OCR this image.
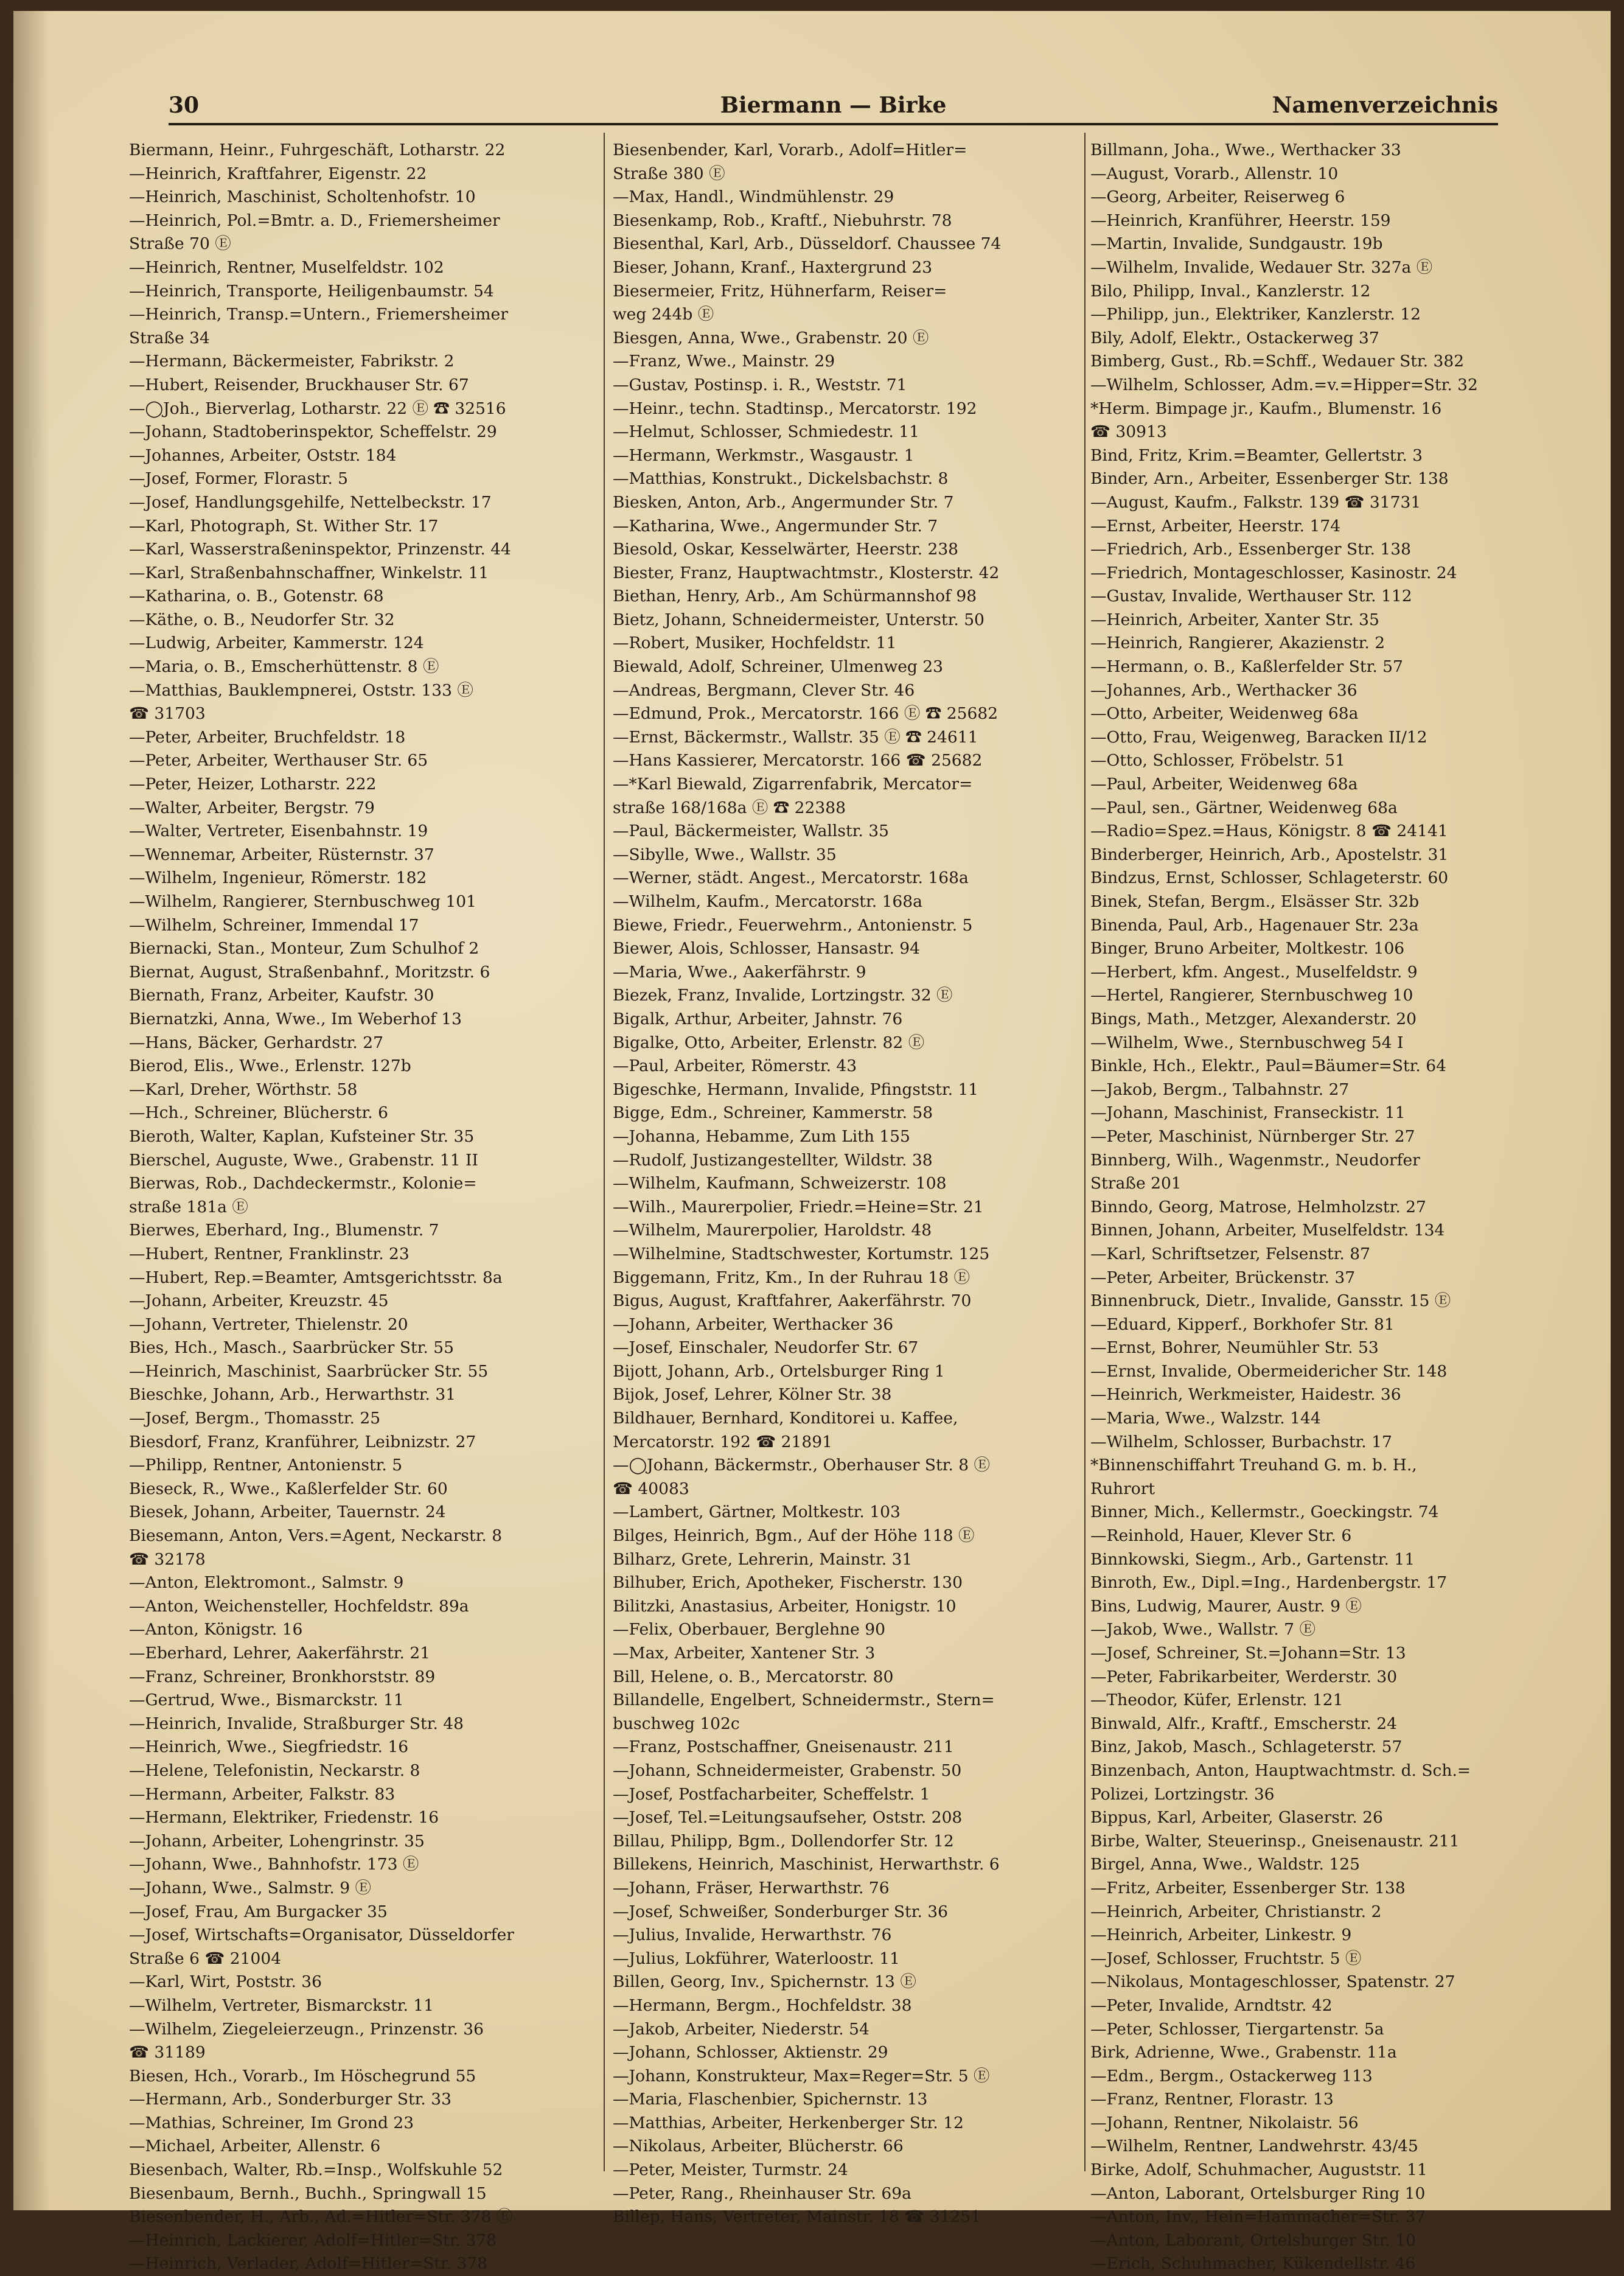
30	Biermann — Birke	Namenverzeichnis
Biermann, Heinr., Fuhrgeschäft, Lotharstr. 22
—Heinrich, Kraftfahrer, Eigenstr. 22
—Heinrich, Maschinist, Scholtenhofstr. 10
—Heinrich, Pol.=Bmtr. a. D., Friemersheimer
Straße 70 Ⓔ
—Heinrich, Rentner, Muselfeldstr. 102
—Heinrich, Transporte, Heiligenbaumstr. 54
—Heinrich, Transp.=Untern., Friemersheimer
Straße 34
—Hermann, Bäckermeister, Fabrikstr. 2
—Hubert, Reisender, Bruckhauser Str. 67
—◯Joh., Bierverlag, Lotharstr. 22 Ⓔ ☎ 32516
—Johann, Stadtoberinspektor, Scheffelstr. 29
—Johannes, Arbeiter, Oststr. 184
—Josef, Former, Florastr. 5
—Josef, Handlungsgehilfe, Nettelbeckstr. 17
—Karl, Photograph, St. Wither Str. 17
—Karl, Wasserstraßeninspektor, Prinzenstr. 44
—Karl, Straßenbahnschaffner, Winkelstr. 11
—Katharina, o. B., Gotenstr. 68
—Käthe, o. B., Neudorfer Str. 32
—Ludwig, Arbeiter, Kammerstr. 124
—Maria, o. B., Emscherhüttenstr. 8 Ⓔ
—Matthias, Bauklempnerei, Oststr. 133 Ⓔ
☎ 31703
—Peter, Arbeiter, Bruchfeldstr. 18
—Peter, Arbeiter, Werthauser Str. 65
—Peter, Heizer, Lotharstr. 222
—Walter, Arbeiter, Bergstr. 79
—Walter, Vertreter, Eisenbahnstr. 19
—Wennemar, Arbeiter, Rüsternstr. 37
—Wilhelm, Ingenieur, Römerstr. 182
—Wilhelm, Rangierer, Sternbuschweg 101
—Wilhelm, Schreiner, Immendal 17
Biernacki, Stan., Monteur, Zum Schulhof 2
Biernat, August, Straßenbahnf., Moritzstr. 6
Biernath, Franz, Arbeiter, Kaufstr. 30
Biernatzki, Anna, Wwe., Im Weberhof 13
—Hans, Bäcker, Gerhardstr. 27
Bierod, Elis., Wwe., Erlenstr. 127b
—Karl, Dreher, Wörthstr. 58
—Hch., Schreiner, Blücherstr. 6
Bieroth, Walter, Kaplan, Kufsteiner Str. 35
Bierschel, Auguste, Wwe., Grabenstr. 11 II
Bierwas, Rob., Dachdeckermstr., Kolonie=
straße 181a Ⓔ
Bierwes, Eberhard, Ing., Blumenstr. 7
—Hubert, Rentner, Franklinstr. 23
—Hubert, Rep.=Beamter, Amtsgerichtsstr. 8a
—Johann, Arbeiter, Kreuzstr. 45
—Johann, Vertreter, Thielenstr. 20
Bies, Hch., Masch., Saarbrücker Str. 55
—Heinrich, Maschinist, Saarbrücker Str. 55
Bieschke, Johann, Arb., Herwarthstr. 31
—Josef, Bergm., Thomasstr. 25
Biesdorf, Franz, Kranführer, Leibnizstr. 27
—Philipp, Rentner, Antonienstr. 5
Bieseck, R., Wwe., Kaßlerfelder Str. 60
Biesek, Johann, Arbeiter, Tauernstr. 24
Biesemann, Anton, Vers.=Agent, Neckarstr. 8
☎ 32178
—Anton, Elektromont., Salmstr. 9
—Anton, Weichensteller, Hochfeldstr. 89a
—Anton, Königstr. 16
—Eberhard, Lehrer, Aakerfährstr. 21
—Franz, Schreiner, Bronkhorststr. 89
—Gertrud, Wwe., Bismarckstr. 11
—Heinrich, Invalide, Straßburger Str. 48
—Heinrich, Wwe., Siegfriedstr. 16
—Helene, Telefonistin, Neckarstr. 8
—Hermann, Arbeiter, Falkstr. 83
—Hermann, Elektriker, Friedenstr. 16
—Johann, Arbeiter, Lohengrinstr. 35
—Johann, Wwe., Bahnhofstr. 173 Ⓔ
—Johann, Wwe., Salmstr. 9 Ⓔ
—Josef, Frau, Am Burgacker 35
—Josef, Wirtschafts=Organisator, Düsseldorfer
Straße 6 ☎ 21004
—Karl, Wirt, Poststr. 36
—Wilhelm, Vertreter, Bismarckstr. 11
—Wilhelm, Ziegeleierzeugn., Prinzenstr. 36
☎ 31189
Biesen, Hch., Vorarb., Im Höschegrund 55
—Hermann, Arb., Sonderburger Str. 33
—Mathias, Schreiner, Im Grond 23
—Michael, Arbeiter, Allenstr. 6
Biesenbach, Walter, Rb.=Insp., Wolfskuhle 52
Biesenbaum, Bernh., Buchh., Springwall 15
Biesenbender, H., Arb., Ad.=Hitler=Str. 378 Ⓔ
—Heinrich, Lackierer, Adolf=Hitler=Str. 378
—Heinrich, Verlader, Adolf=Hitler=Str. 378
Biesenbender, Karl, Vorarb., Adolf=Hitler=
Straße 380 Ⓔ
—Max, Handl., Windmühlenstr. 29
Biesenkamp, Rob., Kraftf., Niebuhrstr. 78
Biesenthal, Karl, Arb., Düsseldorf. Chaussee 74
Bieser, Johann, Kranf., Haxtergrund 23
Biesermeier, Fritz, Hühnerfarm, Reiser=
weg 244b Ⓔ
Biesgen, Anna, Wwe., Grabenstr. 20 Ⓔ
—Franz, Wwe., Mainstr. 29
—Gustav, Postinsp. i. R., Weststr. 71
—Heinr., techn. Stadtinsp., Mercatorstr. 192
—Helmut, Schlosser, Schmiedestr. 11
—Hermann, Werkmstr., Wasgaustr. 1
—Matthias, Konstrukt., Dickelsbachstr. 8
Biesken, Anton, Arb., Angermunder Str. 7
—Katharina, Wwe., Angermunder Str. 7
Biesold, Oskar, Kesselwärter, Heerstr. 238
Biester, Franz, Hauptwachtmstr., Klosterstr. 42
Biethan, Henry, Arb., Am Schürmannshof 98
Bietz, Johann, Schneidermeister, Unterstr. 50
—Robert, Musiker, Hochfeldstr. 11
Biewald, Adolf, Schreiner, Ulmenweg 23
—Andreas, Bergmann, Clever Str. 46
—Edmund, Prok., Mercatorstr. 166 Ⓔ ☎ 25682
—Ernst, Bäckermstr., Wallstr. 35 Ⓔ ☎ 24611
—Hans Kassierer, Mercatorstr. 166 ☎ 25682
—*Karl Biewald, Zigarrenfabrik, Mercator=
straße 168/168a Ⓔ ☎ 22388
—Paul, Bäckermeister, Wallstr. 35
—Sibylle, Wwe., Wallstr. 35
—Werner, städt. Angest., Mercatorstr. 168a
—Wilhelm, Kaufm., Mercatorstr. 168a
Biewe, Friedr., Feuerwehrm., Antonienstr. 5
Biewer, Alois, Schlosser, Hansastr. 94
—Maria, Wwe., Aakerfährstr. 9
Biezek, Franz, Invalide, Lortzingstr. 32 Ⓔ
Bigalk, Arthur, Arbeiter, Jahnstr. 76
Bigalke, Otto, Arbeiter, Erlenstr. 82 Ⓔ
—Paul, Arbeiter, Römerstr. 43
Bigeschke, Hermann, Invalide, Pfingststr. 11
Bigge, Edm., Schreiner, Kammerstr. 58
—Johanna, Hebamme, Zum Lith 155
—Rudolf, Justizangestellter, Wildstr. 38
—Wilhelm, Kaufmann, Schweizerstr. 108
—Wilh., Maurerpolier, Friedr.=Heine=Str. 21
—Wilhelm, Maurerpolier, Haroldstr. 48
—Wilhelmine, Stadtschwester, Kortumstr. 125
Biggemann, Fritz, Km., In der Ruhrau 18 Ⓔ
Bigus, August, Kraftfahrer, Aakerfährstr. 70
—Johann, Arbeiter, Werthacker 36
—Josef, Einschaler, Neudorfer Str. 67
Bijott, Johann, Arb., Ortelsburger Ring 1
Bijok, Josef, Lehrer, Kölner Str. 38
Bildhauer, Bernhard, Konditorei u. Kaffee,
Mercatorstr. 192 ☎ 21891
—◯Johann, Bäckermstr., Oberhauser Str. 8 Ⓔ
☎ 40083
—Lambert, Gärtner, Moltkestr. 103
Bilges, Heinrich, Bgm., Auf der Höhe 118 Ⓔ
Bilharz, Grete, Lehrerin, Mainstr. 31
Bilhuber, Erich, Apotheker, Fischerstr. 130
Bilitzki, Anastasius, Arbeiter, Honigstr. 10
—Felix, Oberbauer, Berglehne 90
—Max, Arbeiter, Xantener Str. 3
Bill, Helene, o. B., Mercatorstr. 80
Billandelle, Engelbert, Schneidermstr., Stern=
buschweg 102c
—Franz, Postschaffner, Gneisenaustr. 211
—Johann, Schneidermeister, Grabenstr. 50
—Josef, Postfacharbeiter, Scheffelstr. 1
—Josef, Tel.=Leitungsaufseher, Oststr. 208
Billau, Philipp, Bgm., Dollendorfer Str. 12
Billekens, Heinrich, Maschinist, Herwarthstr. 6
—Johann, Fräser, Herwarthstr. 76
—Josef, Schweißer, Sonderburger Str. 36
—Julius, Invalide, Herwarthstr. 76
—Julius, Lokführer, Waterloostr. 11
Billen, Georg, Inv., Spichernstr. 13 Ⓔ
—Hermann, Bergm., Hochfeldstr. 38
—Jakob, Arbeiter, Niederstr. 54
—Johann, Schlosser, Aktienstr. 29
—Johann, Konstrukteur, Max=Reger=Str. 5 Ⓔ
—Maria, Flaschenbier, Spichernstr. 13
—Matthias, Arbeiter, Herkenberger Str. 12
—Nikolaus, Arbeiter, Blücherstr. 66
—Peter, Meister, Turmstr. 24
—Peter, Rang., Rheinhauser Str. 69a
Billep, Hans, Vertreter, Mainstr. 18 ☎ 31251
Billmann, Joha., Wwe., Werthacker 33
—August, Vorarb., Allenstr. 10
—Georg, Arbeiter, Reiserweg 6
—Heinrich, Kranführer, Heerstr. 159
—Martin, Invalide, Sundgaustr. 19b
—Wilhelm, Invalide, Wedauer Str. 327a Ⓔ
Bilo, Philipp, Inval., Kanzlerstr. 12
—Philipp, jun., Elektriker, Kanzlerstr. 12
Bily, Adolf, Elektr., Ostackerweg 37
Bimberg, Gust., Rb.=Schff., Wedauer Str. 382
—Wilhelm, Schlosser, Adm.=v.=Hipper=Str. 32
*Herm. Bimpage jr., Kaufm., Blumenstr. 16
☎ 30913
Bind, Fritz, Krim.=Beamter, Gellertstr. 3
Binder, Arn., Arbeiter, Essenberger Str. 138
—August, Kaufm., Falkstr. 139 ☎ 31731
—Ernst, Arbeiter, Heerstr. 174
—Friedrich, Arb., Essenberger Str. 138
—Friedrich, Montageschlosser, Kasinostr. 24
—Gustav, Invalide, Werthauser Str. 112
—Heinrich, Arbeiter, Xanter Str. 35
—Heinrich, Rangierer, Akazienstr. 2
—Hermann, o. B., Kaßlerfelder Str. 57
—Johannes, Arb., Werthacker 36
—Otto, Arbeiter, Weidenweg 68a
—Otto, Frau, Weigenweg, Baracken II/12
—Otto, Schlosser, Fröbelstr. 51
—Paul, Arbeiter, Weidenweg 68a
—Paul, sen., Gärtner, Weidenweg 68a
—Radio=Spez.=Haus, Königstr. 8 ☎ 24141
Binderberger, Heinrich, Arb., Apostelstr. 31
Bindzus, Ernst, Schlosser, Schlageterstr. 60
Binek, Stefan, Bergm., Elsässer Str. 32b
Binenda, Paul, Arb., Hagenauer Str. 23a
Binger, Bruno Arbeiter, Moltkestr. 106
—Herbert, kfm. Angest., Muselfeldstr. 9
—Hertel, Rangierer, Sternbuschweg 10
Bings, Math., Metzger, Alexanderstr. 20
—Wilhelm, Wwe., Sternbuschweg 54 I
Binkle, Hch., Elektr., Paul=Bäumer=Str. 64
—Jakob, Bergm., Talbahnstr. 27
—Johann, Maschinist, Franseckistr. 11
—Peter, Maschinist, Nürnberger Str. 27
Binnberg, Wilh., Wagenmstr., Neudorfer
Straße 201
Binndo, Georg, Matrose, Helmholzstr. 27
Binnen, Johann, Arbeiter, Muselfeldstr. 134
—Karl, Schriftsetzer, Felsenstr. 87
—Peter, Arbeiter, Brückenstr. 37
Binnenbruck, Dietr., Invalide, Gansstr. 15 Ⓔ
—Eduard, Kipperf., Borkhofer Str. 81
—Ernst, Bohrer, Neumühler Str. 53
—Ernst, Invalide, Obermeidericher Str. 148
—Heinrich, Werkmeister, Haidestr. 36
—Maria, Wwe., Walzstr. 144
—Wilhelm, Schlosser, Burbachstr. 17
*Binnenschiffahrt Treuhand G. m. b. H.,
Ruhrort
Binner, Mich., Kellermstr., Goeckingstr. 74
—Reinhold, Hauer, Klever Str. 6
Binnkowski, Siegm., Arb., Gartenstr. 11
Binroth, Ew., Dipl.=Ing., Hardenbergstr. 17
Bins, Ludwig, Maurer, Austr. 9 Ⓔ
—Jakob, Wwe., Wallstr. 7 Ⓔ
—Josef, Schreiner, St.=Johann=Str. 13
—Peter, Fabrikarbeiter, Werderstr. 30
—Theodor, Küfer, Erlenstr. 121
Binwald, Alfr., Kraftf., Emscherstr. 24
Binz, Jakob, Masch., Schlageterstr. 57
Binzenbach, Anton, Hauptwachtmstr. d. Sch.=
Polizei, Lortzingstr. 36
Bippus, Karl, Arbeiter, Glaserstr. 26
Birbe, Walter, Steuerinsp., Gneisenaustr. 211
Birgel, Anna, Wwe., Waldstr. 125
—Fritz, Arbeiter, Essenberger Str. 138
—Heinrich, Arbeiter, Christianstr. 2
—Heinrich, Arbeiter, Linkestr. 9
—Josef, Schlosser, Fruchtstr. 5 Ⓔ
—Nikolaus, Montageschlosser, Spatenstr. 27
—Peter, Invalide, Arndtstr. 42
—Peter, Schlosser, Tiergartenstr. 5a
Birk, Adrienne, Wwe., Grabenstr. 11a
—Edm., Bergm., Ostackerweg 113
—Franz, Rentner, Florastr. 13
—Johann, Rentner, Nikolaistr. 56
—Wilhelm, Rentner, Landwehrstr. 43/45
Birke, Adolf, Schuhmacher, Auguststr. 11
—Anton, Laborant, Ortelsburger Ring 10
—Anton, Inv., Hein=Hammacher=Str. 37
—Anton, Laborant, Ortelsburger Str. 10
—Erich, Schuhmacher, Kükendellstr. 46
